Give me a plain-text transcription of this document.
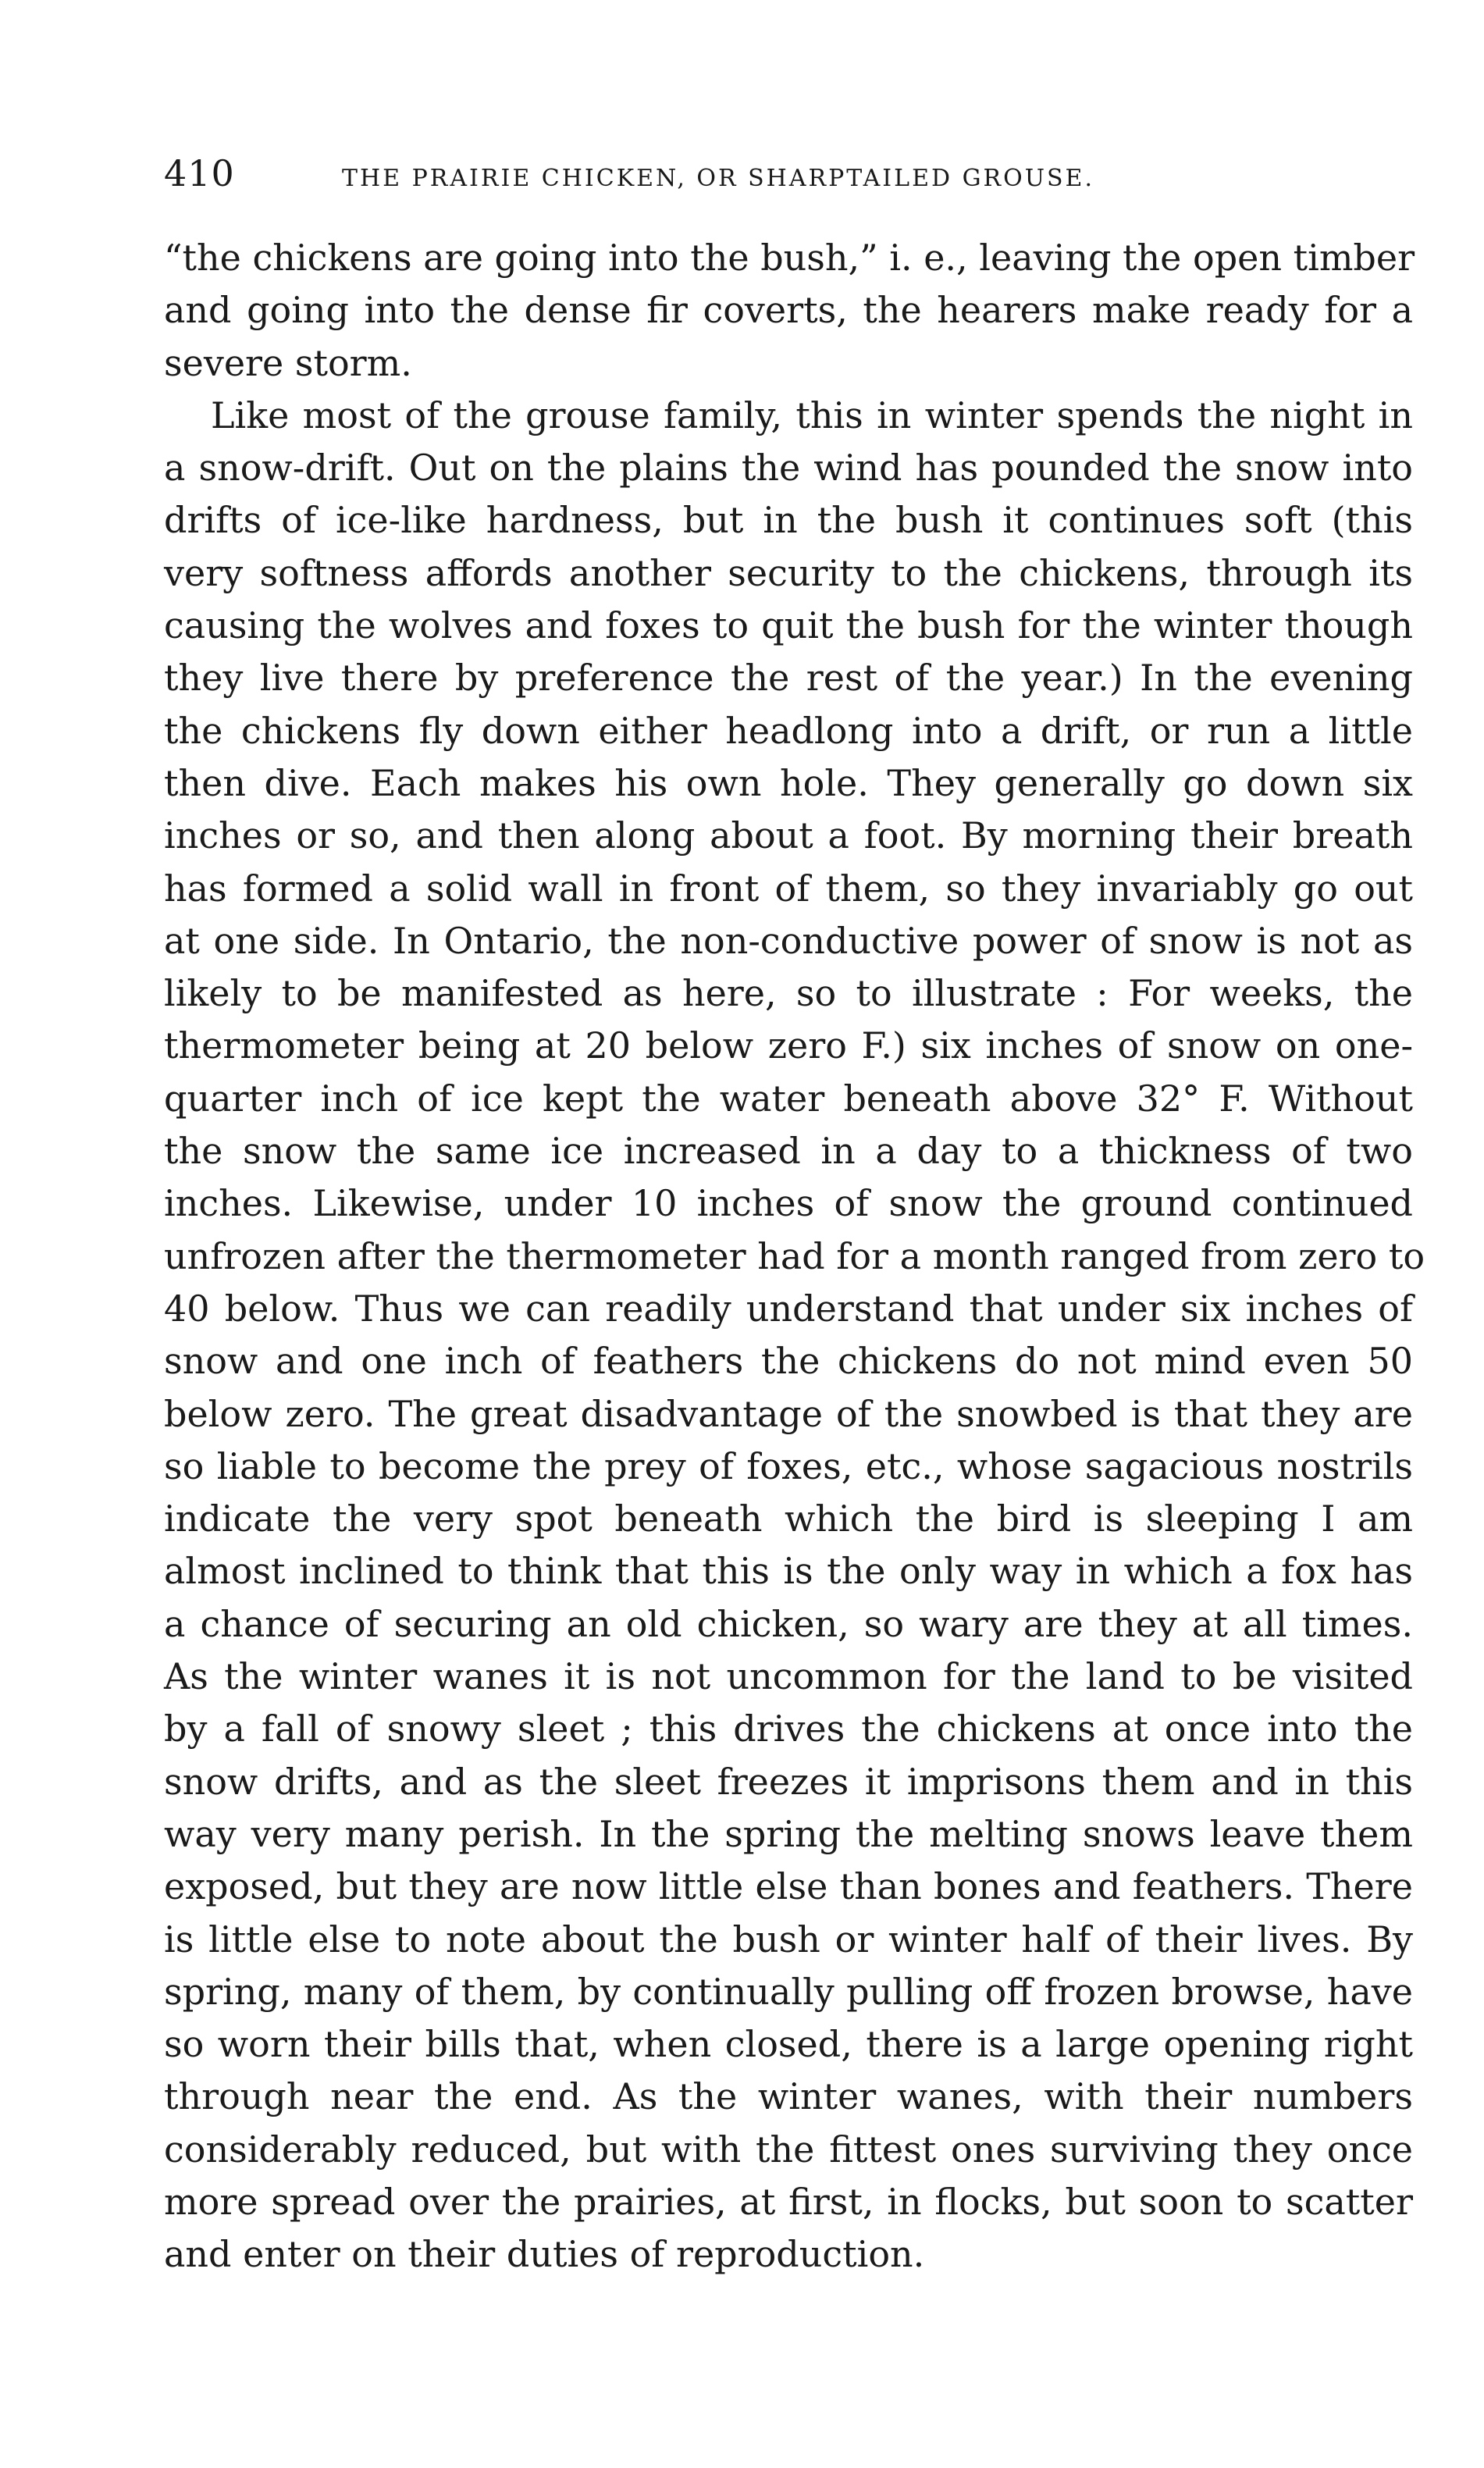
410	THE PRAIRIE CHICKEN, OR SHARPTAILED GROUSE.
“the chickens are going into the bush,” i. e., leaving the open timber
and going into the dense fir coverts, the hearers make ready for a
severe storm.
Like most of the grouse family, this in winter spends the night in
a snow-drift. Out on the plains the wind has pounded the snow into
drifts of ice-like hardness, but in the bush it continues soft (this
very softness affords another security to the chickens, through its
causing the wolves and foxes to quit the bush for the winter though
they live there by preference the rest of the year.) In the evening
the chickens fly down either headlong into a drift, or run a little
then dive. Each makes his own hole. They generally go down six
inches or so, and then along about a foot. By morning their breath
has formed a solid wall in front of them, so they invariably go out
at one side. In Ontario, the non-conductive power of snow is not as
likely to be manifested as here, so to illustrate : For weeks, the
thermometer being at 20 below zero F.) six inches of snow on one-
quarter inch of ice kept the water beneath above 32° F. Without
the snow the same ice increased in a day to a thickness of two
inches. Likewise, under 10 inches of snow the ground continued
unfrozen after the thermometer had for a month ranged from zero to
40 below. Thus we can readily understand that under six inches of
snow and one inch of feathers the chickens do not mind even 50
below zero. The great disadvantage of the snowbed is that they are
so liable to become the prey of foxes, etc., whose sagacious nostrils
indicate the very spot beneath which the bird is sleeping I am
almost inclined to think that this is the only way in which a fox has
a chance of securing an old chicken, so wary are they at all times.
As the winter wanes it is not uncommon for the land to be visited
by a fall of snowy sleet ; this drives the chickens at once into the
snow drifts, and as the sleet freezes it imprisons them and in this
way very many perish. In the spring the melting snows leave them
exposed, but they are now little else than bones and feathers. There
is little else to note about the bush or winter half of their lives. By
spring, many of them, by continually pulling off frozen browse, have
so worn their bills that, when closed, there is a large opening right
through near the end. As the winter wanes, with their numbers
considerably reduced, but with the fittest ones surviving they once
more spread over the prairies, at first, in flocks, but soon to scatter
and enter on their duties of reproduction.
